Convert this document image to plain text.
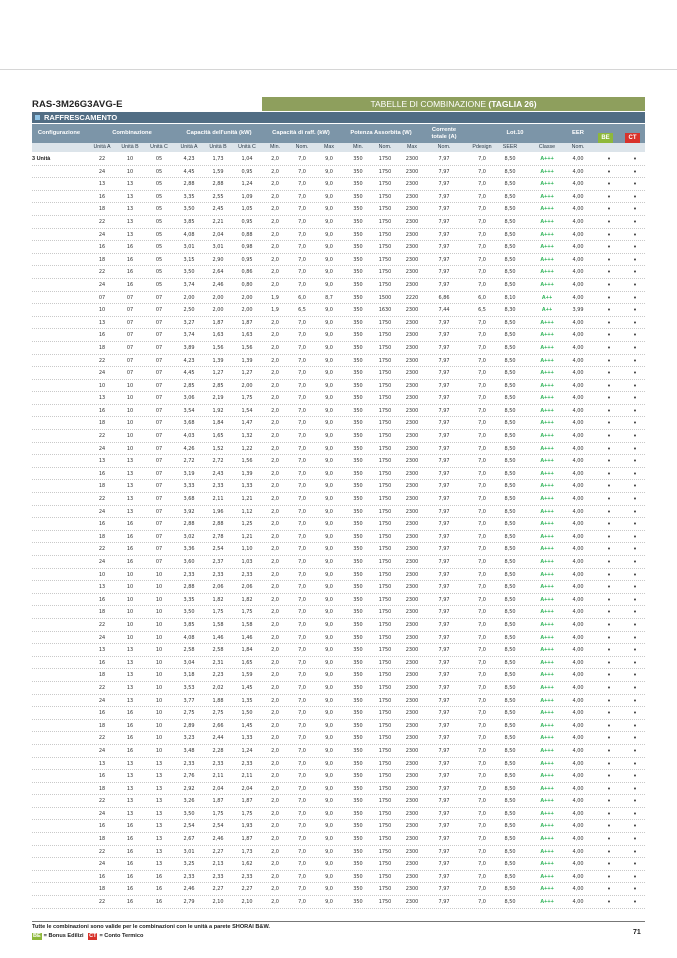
RAS-3M26G3AVG-E	TABELLE DI COMBINAZIONE (TAGLIA 26)
RAFFRESCAMENTO
Configurazione	Combinazione	Capacità dell'unità (kW)	Capacità di raff. (kW)	Potenza Assorbita (W)
Corrente totale (A)
Lot.10	EER
BE	CT
Unità A	Unità B	Unità C	Unità A	Unità B	Unità C	Min.	Nom.	Max	Min.	Nom.	Max	Nom.	Pdesign	SEER	Classe	Nom.
3 Unità	22	10	05	4,23	1,73	1,04	2,0	7,0	9,0	350	1750	2300	7,97	7,0	8,50	A+++	4,00	•	•
24	10	05	4,45	1,59	0,95	2,0	7,0	9,0	350	1750	2300	7,97	7,0	8,50	A+++	4,00	•	•
13	13	05	2,88	2,88	1,24	2,0	7,0	9,0	350	1750	2300	7,97	7,0	8,50	A+++	4,00	•	•
16	13	05	3,35	2,55	1,09	2,0	7,0	9,0	350	1750	2300	7,97	7,0	8,50	A+++	4,00	•	•
18	13	05	3,50	2,45	1,05	2,0	7,0	9,0	350	1750	2300	7,97	7,0	8,50	A+++	4,00	•	•
22	13	05	3,85	2,21	0,95	2,0	7,0	9,0	350	1750	2300	7,97	7,0	8,50	A+++	4,00	•	•
24	13	05	4,08	2,04	0,88	2,0	7,0	9,0	350	1750	2300	7,97	7,0	8,50	A+++	4,00	•	•
16	16	05	3,01	3,01	0,98	2,0	7,0	9,0	350	1750	2300	7,97	7,0	8,50	A+++	4,00	•	•
18	16	05	3,15	2,90	0,95	2,0	7,0	9,0	350	1750	2300	7,97	7,0	8,50	A+++	4,00	•	•
22	16	05	3,50	2,64	0,86	2,0	7,0	9,0	350	1750	2300	7,97	7,0	8,50	A+++	4,00	•	•
24	16	05	3,74	2,46	0,80	2,0	7,0	9,0	350	1750	2300	7,97	7,0	8,50	A+++	4,00	•	•
07	07	07	2,00	2,00	2,00	1,9	6,0	8,7	350	1500	2220	6,86	6,0	8,10	A++	4,00	•	•
10	07	07	2,50	2,00	2,00	1,9	6,5	9,0	350	1630	2300	7,44	6,5	8,30	A++	3,99	•	•
13	07	07	3,27	1,87	1,87	2,0	7,0	9,0	350	1750	2300	7,97	7,0	8,50	A+++	4,00	•	•
16	07	07	3,74	1,63	1,63	2,0	7,0	9,0	350	1750	2300	7,97	7,0	8,50	A+++	4,00	•	•
18	07	07	3,89	1,56	1,56	2,0	7,0	9,0	350	1750	2300	7,97	7,0	8,50	A+++	4,00	•	•
22	07	07	4,23	1,39	1,39	2,0	7,0	9,0	350	1750	2300	7,97	7,0	8,50	A+++	4,00	•	•
24	07	07	4,45	1,27	1,27	2,0	7,0	9,0	350	1750	2300	7,97	7,0	8,50	A+++	4,00	•	•
10	10	07	2,85	2,85	2,00	2,0	7,0	9,0	350	1750	2300	7,97	7,0	8,50	A+++	4,00	•	•
13	10	07	3,06	2,19	1,75	2,0	7,0	9,0	350	1750	2300	7,97	7,0	8,50	A+++	4,00	•	•
16	10	07	3,54	1,92	1,54	2,0	7,0	9,0	350	1750	2300	7,97	7,0	8,50	A+++	4,00	•	•
18	10	07	3,68	1,84	1,47	2,0	7,0	9,0	350	1750	2300	7,97	7,0	8,50	A+++	4,00	•	•
22	10	07	4,03	1,65	1,32	2,0	7,0	9,0	350	1750	2300	7,97	7,0	8,50	A+++	4,00	•	•
24	10	07	4,26	1,52	1,22	2,0	7,0	9,0	350	1750	2300	7,97	7,0	8,50	A+++	4,00	•	•
13	13	07	2,72	2,72	1,56	2,0	7,0	9,0	350	1750	2300	7,97	7,0	8,50	A+++	4,00	•	•
16	13	07	3,19	2,43	1,39	2,0	7,0	9,0	350	1750	2300	7,97	7,0	8,50	A+++	4,00	•	•
18	13	07	3,33	2,33	1,33	2,0	7,0	9,0	350	1750	2300	7,97	7,0	8,50	A+++	4,00	•	•
22	13	07	3,68	2,11	1,21	2,0	7,0	9,0	350	1750	2300	7,97	7,0	8,50	A+++	4,00	•	•
24	13	07	3,92	1,96	1,12	2,0	7,0	9,0	350	1750	2300	7,97	7,0	8,50	A+++	4,00	•	•
16	16	07	2,88	2,88	1,25	2,0	7,0	9,0	350	1750	2300	7,97	7,0	8,50	A+++	4,00	•	•
18	16	07	3,02	2,78	1,21	2,0	7,0	9,0	350	1750	2300	7,97	7,0	8,50	A+++	4,00	•	•
22	16	07	3,36	2,54	1,10	2,0	7,0	9,0	350	1750	2300	7,97	7,0	8,50	A+++	4,00	•	•
24	16	07	3,60	2,37	1,03	2,0	7,0	9,0	350	1750	2300	7,97	7,0	8,50	A+++	4,00	•	•
10	10	10	2,33	2,33	2,33	2,0	7,0	9,0	350	1750	2300	7,97	7,0	8,50	A+++	4,00	•	•
13	10	10	2,88	2,06	2,06	2,0	7,0	9,0	350	1750	2300	7,97	7,0	8,50	A+++	4,00	•	•
16	10	10	3,35	1,82	1,82	2,0	7,0	9,0	350	1750	2300	7,97	7,0	8,50	A+++	4,00	•	•
18	10	10	3,50	1,75	1,75	2,0	7,0	9,0	350	1750	2300	7,97	7,0	8,50	A+++	4,00	•	•
22	10	10	3,85	1,58	1,58	2,0	7,0	9,0	350	1750	2300	7,97	7,0	8,50	A+++	4,00	•	•
24	10	10	4,08	1,46	1,46	2,0	7,0	9,0	350	1750	2300	7,97	7,0	8,50	A+++	4,00	•	•
13	13	10	2,58	2,58	1,84	2,0	7,0	9,0	350	1750	2300	7,97	7,0	8,50	A+++	4,00	•	•
16	13	10	3,04	2,31	1,65	2,0	7,0	9,0	350	1750	2300	7,97	7,0	8,50	A+++	4,00	•	•
18	13	10	3,18	2,23	1,59	2,0	7,0	9,0	350	1750	2300	7,97	7,0	8,50	A+++	4,00	•	•
22	13	10	3,53	2,02	1,45	2,0	7,0	9,0	350	1750	2300	7,97	7,0	8,50	A+++	4,00	•	•
24	13	10	3,77	1,88	1,35	2,0	7,0	9,0	350	1750	2300	7,97	7,0	8,50	A+++	4,00	•	•
16	16	10	2,75	2,75	1,50	2,0	7,0	9,0	350	1750	2300	7,97	7,0	8,50	A+++	4,00	•	•
18	16	10	2,89	2,66	1,45	2,0	7,0	9,0	350	1750	2300	7,97	7,0	8,50	A+++	4,00	•	•
22	16	10	3,23	2,44	1,33	2,0	7,0	9,0	350	1750	2300	7,97	7,0	8,50	A+++	4,00	•	•
24	16	10	3,48	2,28	1,24	2,0	7,0	9,0	350	1750	2300	7,97	7,0	8,50	A+++	4,00	•	•
13	13	13	2,33	2,33	2,33	2,0	7,0	9,0	350	1750	2300	7,97	7,0	8,50	A+++	4,00	•	•
16	13	13	2,76	2,11	2,11	2,0	7,0	9,0	350	1750	2300	7,97	7,0	8,50	A+++	4,00	•	•
18	13	13	2,92	2,04	2,04	2,0	7,0	9,0	350	1750	2300	7,97	7,0	8,50	A+++	4,00	•	•
22	13	13	3,26	1,87	1,87	2,0	7,0	9,0	350	1750	2300	7,97	7,0	8,50	A+++	4,00	•	•
24	13	13	3,50	1,75	1,75	2,0	7,0	9,0	350	1750	2300	7,97	7,0	8,50	A+++	4,00	•	•
16	16	13	2,54	2,54	1,93	2,0	7,0	9,0	350	1750	2300	7,97	7,0	8,50	A+++	4,00	•	•
18	16	13	2,67	2,46	1,87	2,0	7,0	9,0	350	1750	2300	7,97	7,0	8,50	A+++	4,00	•	•
22	16	13	3,01	2,27	1,73	2,0	7,0	9,0	350	1750	2300	7,97	7,0	8,50	A+++	4,00	•	•
24	16	13	3,25	2,13	1,62	2,0	7,0	9,0	350	1750	2300	7,97	7,0	8,50	A+++	4,00	•	•
16	16	16	2,33	2,33	2,33	2,0	7,0	9,0	350	1750	2300	7,97	7,0	8,50	A+++	4,00	•	•
18	16	16	2,46	2,27	2,27	2,0	7,0	9,0	350	1750	2300	7,97	7,0	8,50	A+++	4,00	•	•
22	16	16	2,79	2,10	2,10	2,0	7,0	9,0	350	1750	2300	7,97	7,0	8,50	A+++	4,00	•	•
Tutte le combinazioni sono valide per le combinazioni con le unità a parete SHORAI B&W.
BE = Bonus Edilizi CT = Conto Termico	71
